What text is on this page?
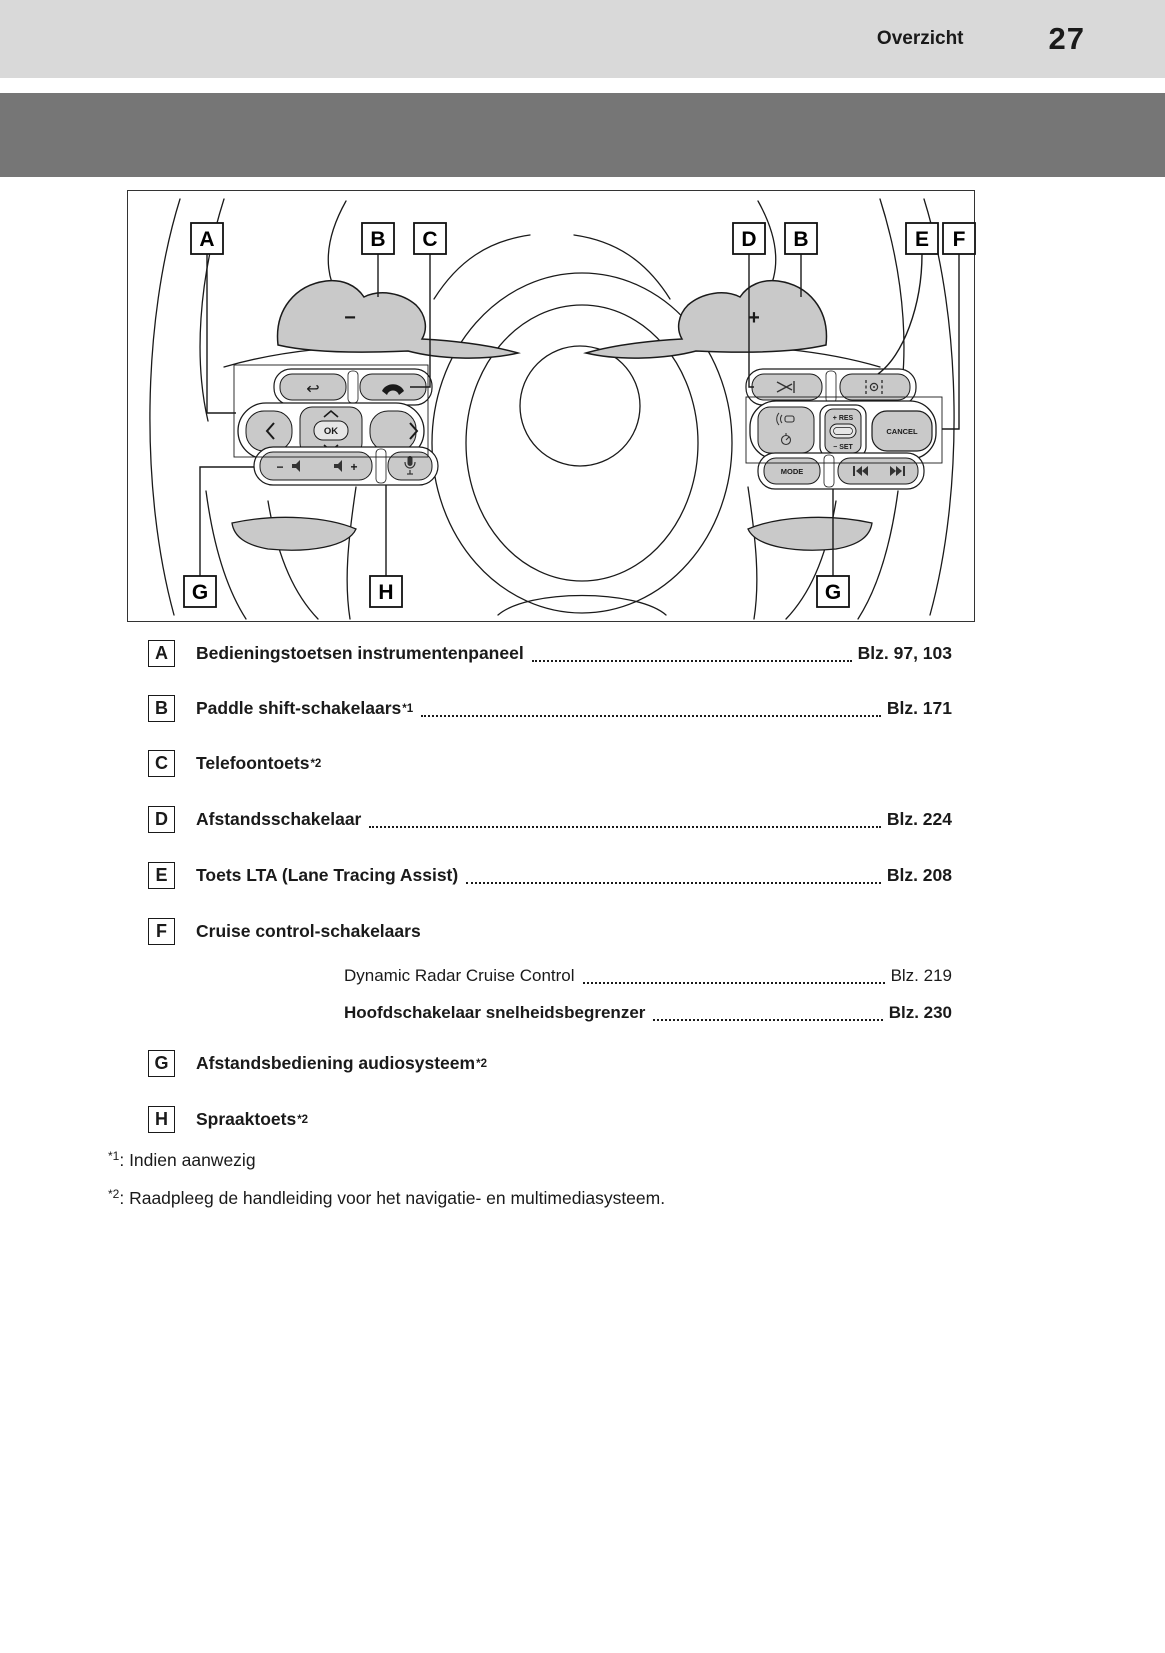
Overzicht	27
−	+
↩
OK
−	+
+ RES
− SET
CANCEL
MODE
A	B C	D B	E F
G	H	G
A	Bedieningstoetsen instrumentenpaneel	Blz. 97, 103
B	Paddle shift-schakelaars *1	Blz. 171
C	Telefoontoets *2
D	Afstandsschakelaar	Blz. 224
E	Toets LTA (Lane Tracing Assist)	Blz. 208
F	Cruise control-schakelaars
Dynamic Radar Cruise Control	Blz. 219
Hoofdschakelaar snelheidsbegrenzer	Blz. 230
G	Afstandsbediening audiosysteem *2
H	Spraaktoets *2
$^{*1}$: Indien aanwezig
$^{*2}$: Raadpleeg de handleiding voor het navigatie- en multimediasysteem.
